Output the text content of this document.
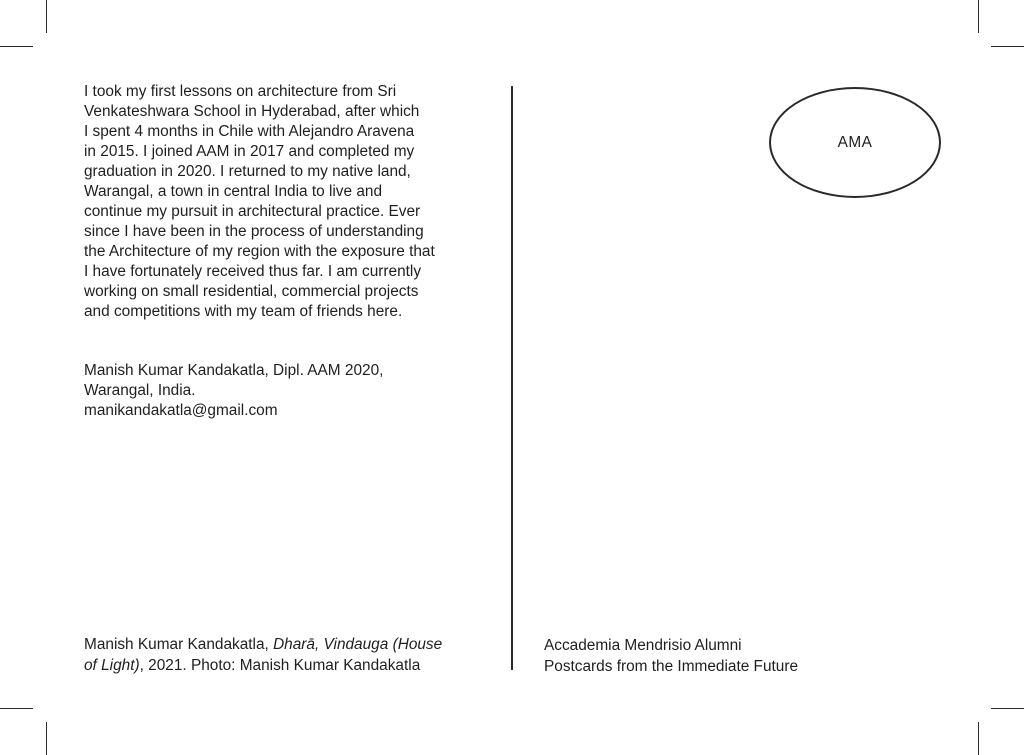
I took my first lessons on architecture from Sri
Venkateshwara School in Hyderabad, after which
I spent 4 months in Chile with Alejandro Aravena
in 2015. I joined AAM in 2017 and completed my
graduation in 2020. I returned to my native land,
Warangal, a town in central India to live and
continue my pursuit in architectural practice. Ever
since I have been in the process of understanding
the Architecture of my region with the exposure that
I have fortunately received thus far. I am currently
working on small residential, commercial projects
and competitions with my team of friends here.
Manish Kumar Kandakatla, Dipl. AAM 2020,
Warangal, India.
manikandakatla@gmail.com
Manish Kumar Kandakatla, Dharā, Vindauga (House
of Light), 2021. Photo: Manish Kumar Kandakatla
AMA
Accademia Mendrisio Alumni
Postcards from the Immediate Future
